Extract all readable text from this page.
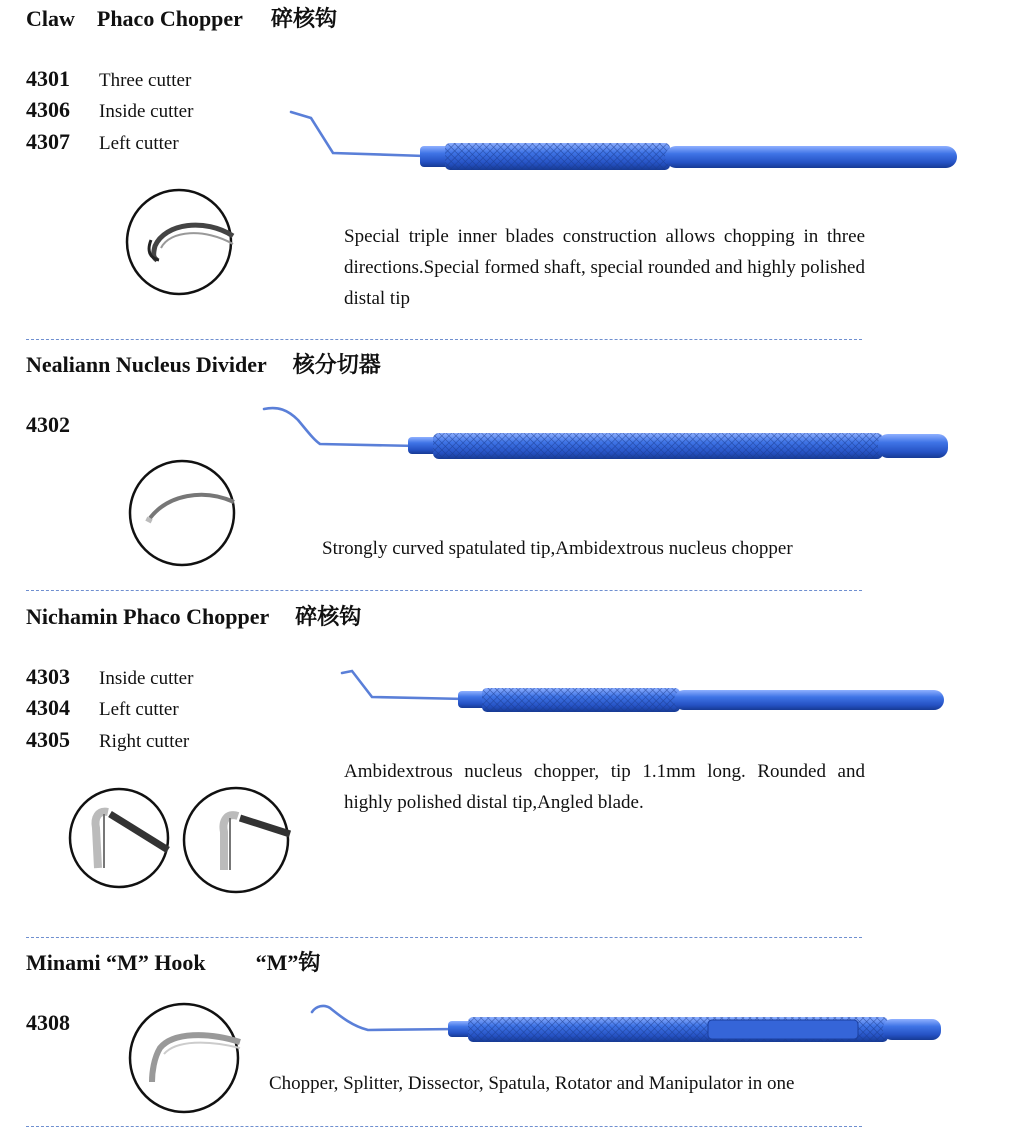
Claw    Phaco Chopper 碎核钩
4301	Three cutter
4306	Inside cutter
4307	Left cutter
Special triple inner blades construction allows chopping in three directions.Special formed shaft, special rounded and highly polished distal tip
Nealiann Nucleus Divider 核分切器
4302
Strongly curved spatulated tip,Ambidextrous nucleus chopper
Nichamin Phaco Chopper 碎核钩
4303	Inside cutter
4304	Left cutter
4305	Right cutter
Ambidextrous nucleus chopper, tip 1.1mm long. Rounded and highly polished distal tip,Angled blade.
Minami “M” Hook “M”钩
4308
Chopper, Splitter, Dissector, Spatula, Rotator and Manipulator in one
